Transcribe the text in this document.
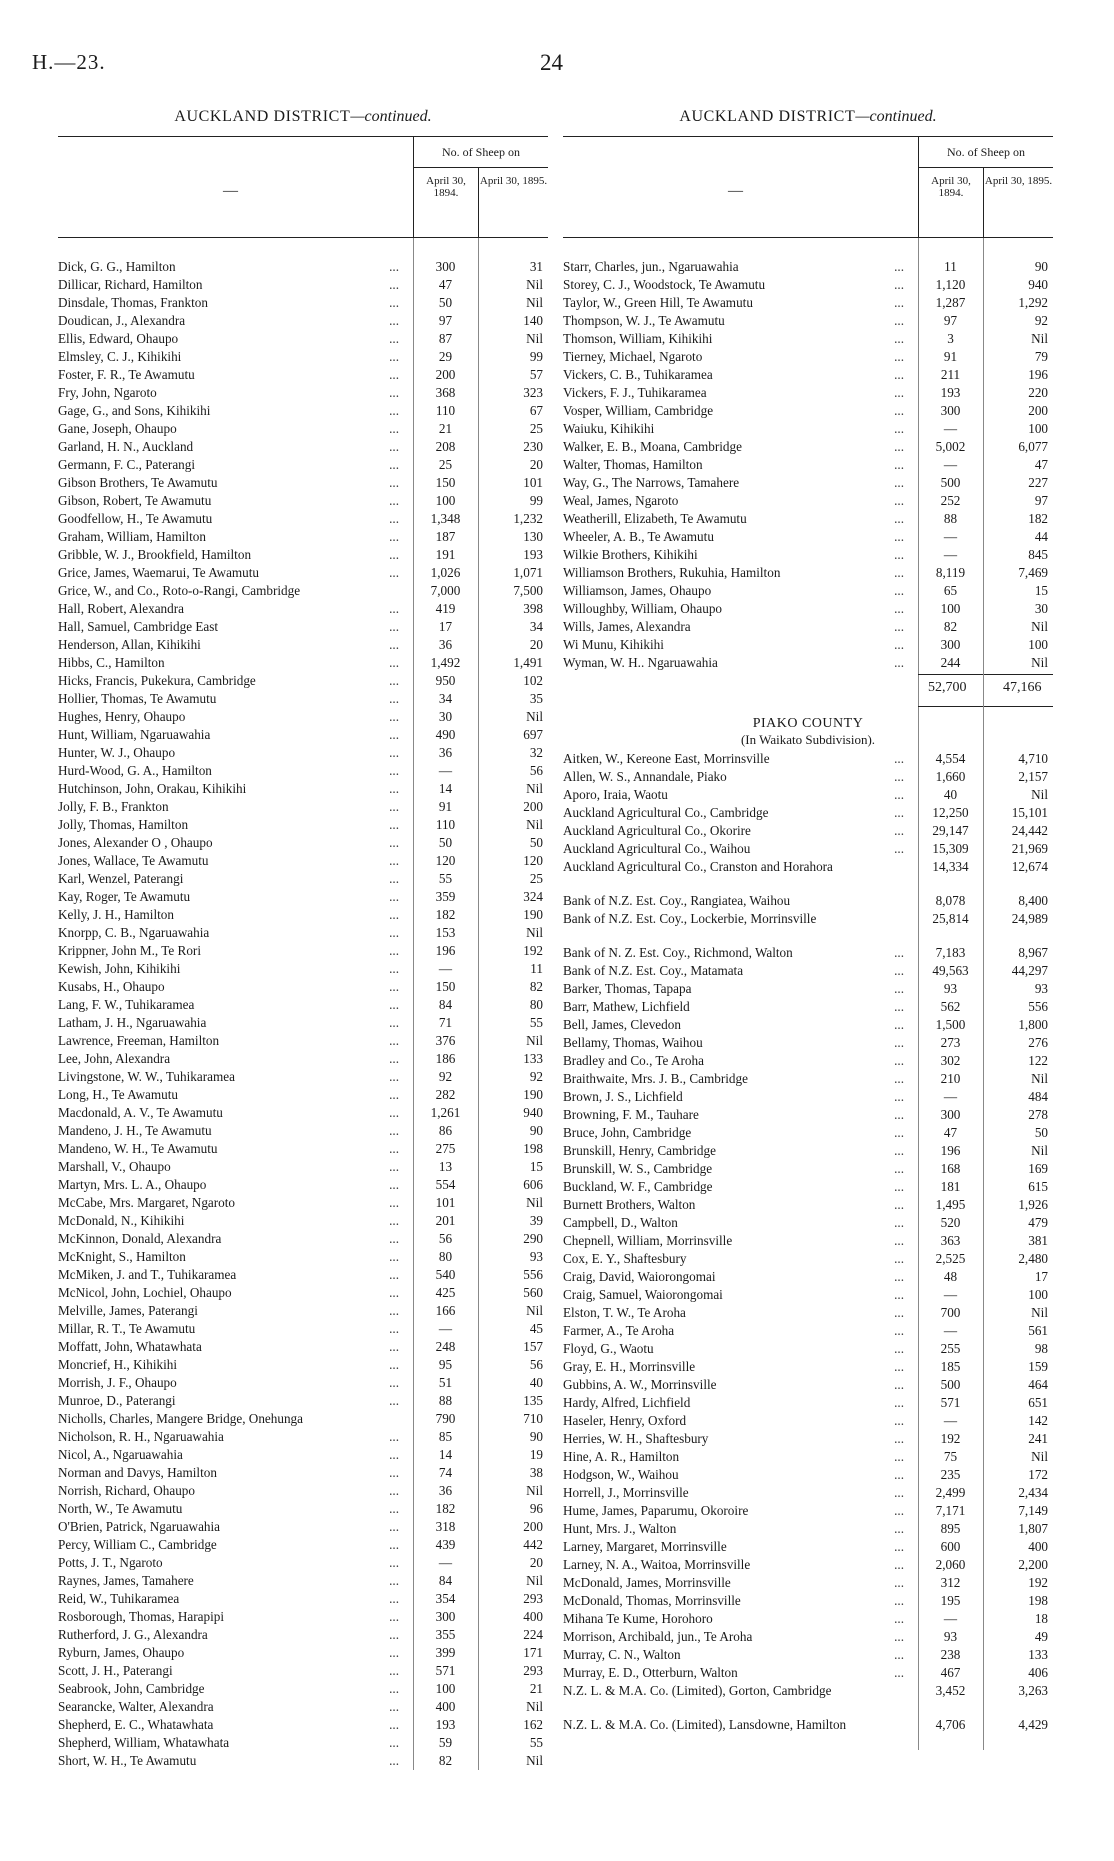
H.—23.	24
AUCKLAND DISTRICT—continued.
—
No. of Sheep on
April 30, 1894.
April 30, 1895.
...
Dick, G. G., Hamilton	300	31
...
Dillicar, Richard, Hamilton	47	Nil
...
Dinsdale, Thomas, Frankton	50	Nil
...
Doudican, J., Alexandra	97	140
...
Ellis, Edward, Ohaupo	87	Nil
...
Elmsley, C. J., Kihikihi	29	99
...
Foster, F. R., Te Awamutu	200	57
...
Fry, John, Ngaroto	368	323
...
Gage, G., and Sons, Kihikihi	110	67
...
Gane, Joseph, Ohaupo	21	25
...
Garland, H. N., Auckland	208	230
...
Germann, F. C., Paterangi	25	20
...
Gibson Brothers, Te Awamutu	150	101
...
Gibson, Robert, Te Awamutu	100	99
...
Goodfellow, H., Te Awamutu	1,348	1,232
...
Graham, William, Hamilton	187	130
...
Gribble, W. J., Brookfield, Hamilton	191	193
...
Grice, James, Waemarui, Te Awamutu	1,026	1,071
Grice, W., and Co., Roto-o-Rangi, Cambridge	7,000	7,500
...
Hall, Robert, Alexandra	419	398
...
Hall, Samuel, Cambridge East	17	34
...
Henderson, Allan, Kihikihi	36	20
...
Hibbs, C., Hamilton	1,492	1,491
...
Hicks, Francis, Pukekura, Cambridge	950	102
...
Hollier, Thomas, Te Awamutu	34	35
...
Hughes, Henry, Ohaupo	30	Nil
...
Hunt, William, Ngaruawahia	490	697
...
Hunter, W. J., Ohaupo	36	32
...
Hurd-Wood, G. A., Hamilton	—	56
...
Hutchinson, John, Orakau, Kihikihi	14	Nil
...
Jolly, F. B., Frankton	91	200
...
Jolly, Thomas, Hamilton	110	Nil
...
Jones, Alexander O , Ohaupo	50	50
...
Jones, Wallace, Te Awamutu	120	120
...
Karl, Wenzel, Paterangi	55	25
...
Kay, Roger, Te Awamutu	359	324
...
Kelly, J. H., Hamilton	182	190
...
Knorpp, C. B., Ngaruawahia	153	Nil
...
Krippner, John M., Te Rori	196	192
...
Kewish, John, Kihikihi	—	11
...
Kusabs, H., Ohaupo	150	82
...
Lang, F. W., Tuhikaramea	84	80
...
Latham, J. H., Ngaruawahia	71	55
...
Lawrence, Freeman, Hamilton	376	Nil
...
Lee, John, Alexandra	186	133
...
Livingstone, W. W., Tuhikaramea	92	92
...
Long, H., Te Awamutu	282	190
...
Macdonald, A. V., Te Awamutu	1,261	940
...
Mandeno, J. H., Te Awamutu	86	90
...
Mandeno, W. H., Te Awamutu	275	198
...
Marshall, V., Ohaupo	13	15
...
Martyn, Mrs. L. A., Ohaupo	554	606
...
McCabe, Mrs. Margaret, Ngaroto	101	Nil
...
McDonald, N., Kihikihi	201	39
...
McKinnon, Donald, Alexandra	56	290
...
McKnight, S., Hamilton	80	93
...
McMiken, J. and T., Tuhikaramea	540	556
...
McNicol, John, Lochiel, Ohaupo	425	560
...
Melville, James, Paterangi	166	Nil
...
Millar, R. T., Te Awamutu	—	45
...
Moffatt, John, Whatawhata	248	157
...
Moncrief, H., Kihikihi	95	56
...
Morrish, J. F., Ohaupo	51	40
...
Munroe, D., Paterangi	88	135
Nicholls, Charles, Mangere Bridge, Onehunga	790	710
...
Nicholson, R. H., Ngaruawahia	85	90
...
Nicol, A., Ngaruawahia	14	19
...
Norman and Davys, Hamilton	74	38
...
Norrish, Richard, Ohaupo	36	Nil
...
North, W., Te Awamutu	182	96
...
O'Brien, Patrick, Ngaruawahia	318	200
...
Percy, William C., Cambridge	439	442
...
Potts, J. T., Ngaroto	—	20
...
Raynes, James, Tamahere	84	Nil
...
Reid, W., Tuhikaramea	354	293
...
Rosborough, Thomas, Harapipi	300	400
...
Rutherford, J. G., Alexandra	355	224
...
Ryburn, James, Ohaupo	399	171
...
Scott, J. H., Paterangi	571	293
...
Seabrook, John, Cambridge	100	21
...
Searancke, Walter, Alexandra	400	Nil
...
Shepherd, E. C., Whatawhata	193	162
...
Shepherd, William, Whatawhata	59	55
...
Short, W. H., Te Awamutu	82	Nil
AUCKLAND DISTRICT—continued.
—
No. of Sheep on
April 30, 1894.
April 30, 1895.
...
Starr, Charles, jun., Ngaruawahia	11	90
...
Storey, C. J., Woodstock, Te Awamutu	1,120	940
...
Taylor, W., Green Hill, Te Awamutu	1,287	1,292
...
Thompson, W. J., Te Awamutu	97	92
...
Thomson, William, Kihikihi	3	Nil
...
Tierney, Michael, Ngaroto	91	79
...
Vickers, C. B., Tuhikaramea	211	196
...
Vickers, F. J., Tuhikaramea	193	220
...
Vosper, William, Cambridge	300	200
...
Waiuku, Kihikihi	—	100
...
Walker, E. B., Moana, Cambridge	5,002	6,077
...
Walter, Thomas, Hamilton	—	47
...
Way, G., The Narrows, Tamahere	500	227
...
Weal, James, Ngaroto	252	97
...
Weatherill, Elizabeth, Te Awamutu	88	182
...
Wheeler, A. B., Te Awamutu	—	44
...
Wilkie Brothers, Kihikihi	—	845
...
Williamson Brothers, Rukuhia, Hamilton	8,119	7,469
...
Williamson, James, Ohaupo	65	15
...
Willoughby, William, Ohaupo	100	30
...
Wills, James, Alexandra	82	Nil
...
Wi Munu, Kihikihi	300	100
...
Wyman, W. H.. Ngaruawahia	244	Nil
52,700	47,166
PIAKO COUNTY
(In Waikato Subdivision).
...
Aitken, W., Kereone East, Morrinsville	4,554	4,710
...
Allen, W. S., Annandale, Piako	1,660	2,157
...
Aporo, Iraia, Waotu	40	Nil
...
Auckland Agricultural Co., Cambridge	12,250	15,101
...
Auckland Agricultural Co., Okorire	29,147	24,442
...
Auckland Agricultural Co., Waihou	15,309	21,969
Auckland Agricultural Co., Cranston and Horahora	14,334	12,674
Bank of N.Z. Est. Coy., Rangiatea, Waihou	8,078	8,400
Bank of N.Z. Est. Coy., Lockerbie, Morrinsville	25,814	24,989
...
Bank of N. Z. Est. Coy., Richmond, Walton	7,183	8,967
...
Bank of N.Z. Est. Coy., Matamata	49,563	44,297
...
Barker, Thomas, Tapapa	93	93
...
Barr, Mathew, Lichfield	562	556
...
Bell, James, Clevedon	1,500	1,800
...
Bellamy, Thomas, Waihou	273	276
...
Bradley and Co., Te Aroha	302	122
...
Braithwaite, Mrs. J. B., Cambridge	210	Nil
...
Brown, J. S., Lichfield	—	484
...
Browning, F. M., Tauhare	300	278
...
Bruce, John, Cambridge	47	50
...
Brunskill, Henry, Cambridge	196	Nil
...
Brunskill, W. S., Cambridge	168	169
...
Buckland, W. F., Cambridge	181	615
...
Burnett Brothers, Walton	1,495	1,926
...
Campbell, D., Walton	520	479
...
Chepnell, William, Morrinsville	363	381
...
Cox, E. Y., Shaftesbury	2,525	2,480
...
Craig, David, Waiorongomai	48	17
...
Craig, Samuel, Waiorongomai	—	100
...
Elston, T. W., Te Aroha	700	Nil
...
Farmer, A., Te Aroha	—	561
...
Floyd, G., Waotu	255	98
...
Gray, E. H., Morrinsville	185	159
...
Gubbins, A. W., Morrinsville	500	464
...
Hardy, Alfred, Lichfield	571	651
...
Haseler, Henry, Oxford	—	142
...
Herries, W. H., Shaftesbury	192	241
...
Hine, A. R., Hamilton	75	Nil
...
Hodgson, W., Waihou	235	172
...
Horrell, J., Morrinsville	2,499	2,434
...
Hume, James, Paparumu, Okoroire	7,171	7,149
...
Hunt, Mrs. J., Walton	895	1,807
...
Larney, Margaret, Morrinsville	600	400
...
Larney, N. A., Waitoa, Morrinsville	2,060	2,200
...
McDonald, James, Morrinsville	312	192
...
McDonald, Thomas, Morrinsville	195	198
...
Mihana Te Kume, Horohoro	—	18
...
Morrison, Archibald, jun., Te Aroha	93	49
...
Murray, C. N., Walton	238	133
...
Murray, E. D., Otterburn, Walton	467	406
N.Z. L. & M.A. Co. (Limited), Gorton, Cambridge	3,452	3,263
N.Z. L. & M.A. Co. (Limited), Lansdowne, Hamilton	4,706	4,429
